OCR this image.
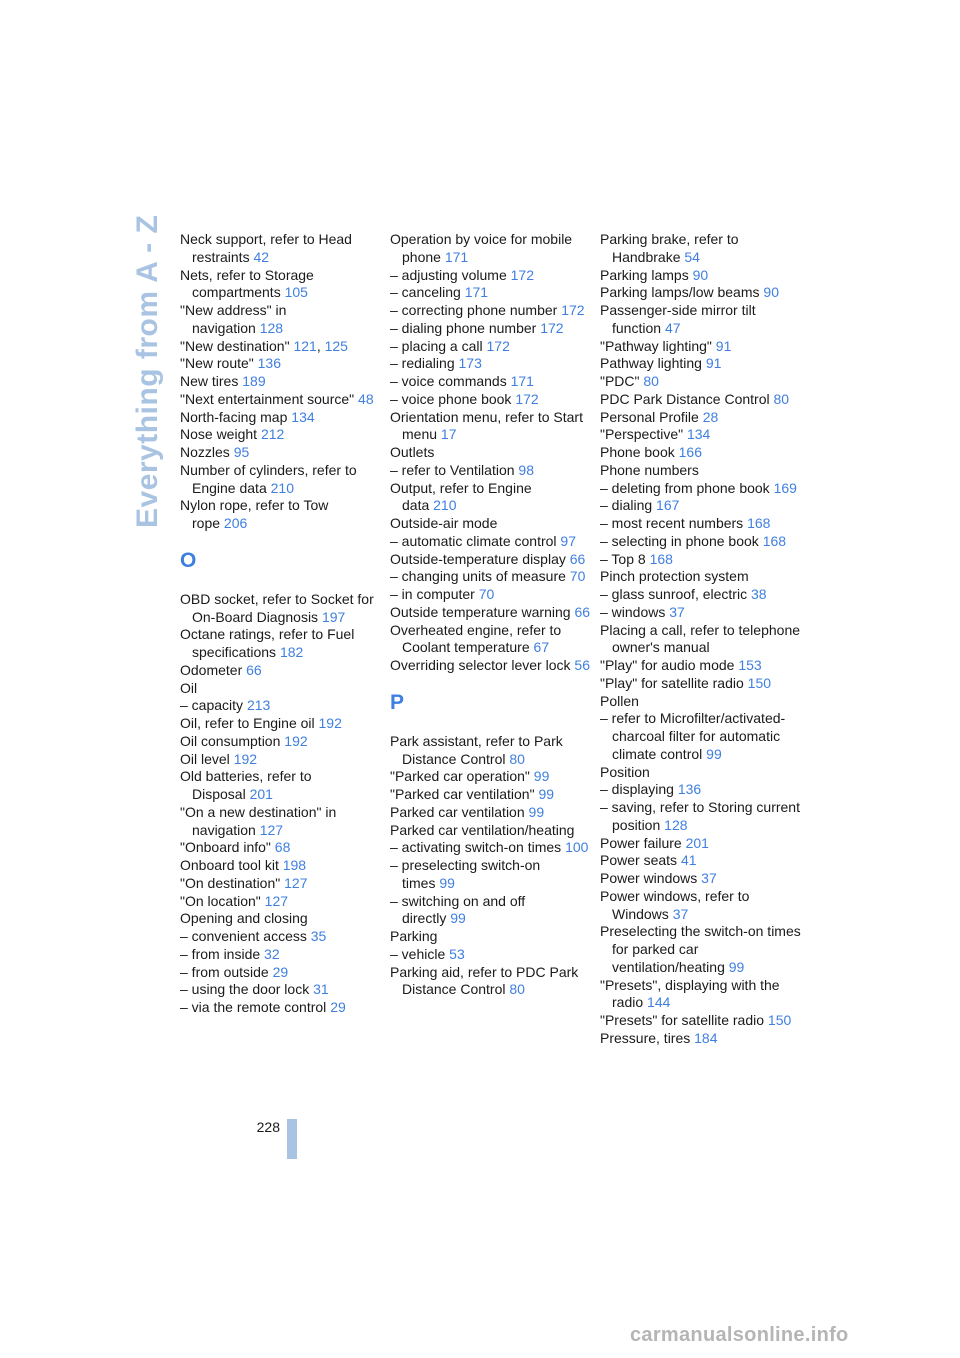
Everything from A - Z Neck support, refer to Head restraints 42
Nets, refer to Storage compartments 105
"New address" in navigation 128
"New destination" 121, 125
"New route" 136
New tires 189
"Next entertainment source" 48
North-facing map 134
Nose weight 212
Nozzles 95
Number of cylinders, refer to Engine data 210
Nylon rope, refer to Tow rope 206
O
OBD socket, refer to Socket for On-Board Diagnosis 197
Octane ratings, refer to Fuel specifications 182
Odometer 66
Oil
– capacity 213
Oil, refer to Engine oil 192
Oil consumption 192
Oil level 192
Old batteries, refer to Disposal 201
"On a new destination" in navigation 127
"Onboard info" 68
Onboard tool kit 198
"On destination" 127
"On location" 127
Opening and closing
– convenient access 35
– from inside 32
– from outside 29
– using the door lock 31
– via the remote control 29
Operation by voice for mobile phone 171
– adjusting volume 172
– canceling 171
– correcting phone number 172
– dialing phone number 172
– placing a call 172
– redialing 173
– voice commands 171
– voice phone book 172
Orientation menu, refer to Start menu 17
Outlets
– refer to Ventilation 98
Output, refer to Engine data 210
Outside-air mode
– automatic climate control 97
Outside-temperature display 66
– changing units of measure 70
– in computer 70
Outside temperature warning 66
Overheated engine, refer to Coolant temperature 67
Overriding selector lever lock 56
P
Park assistant, refer to Park Distance Control 80
"Parked car operation" 99
"Parked car ventilation" 99
Parked car ventilation 99
Parked car ventilation/heating
– activating switch-on times 100
– preselecting switch-on times 99
– switching on and off directly 99
Parking
– vehicle 53
Parking aid, refer to PDC Park Distance Control 80
Parking brake, refer to Handbrake 54
Parking lamps 90
Parking lamps/low beams 90
Passenger-side mirror tilt function 47
"Pathway lighting" 91
Pathway lighting 91
"PDC" 80
PDC Park Distance Control 80
Personal Profile 28
"Perspective" 134
Phone book 166
Phone numbers
– deleting from phone book 169
– dialing 167
– most recent numbers 168
– selecting in phone book 168
– Top 8 168
Pinch protection system
– glass sunroof, electric 38
– windows 37
Placing a call, refer to telephone owner's manual
"Play" for audio mode 153
"Play" for satellite radio 150
Pollen
– refer to Microfilter/activated-charcoal filter for automatic climate control 99
Position
– displaying 136
– saving, refer to Storing current position 128
Power failure 201
Power seats 41
Power windows 37
Power windows, refer to Windows 37
Preselecting the switch-on times for parked car ventilation/heating 99
"Presets", displaying with the radio 144
"Presets" for satellite radio 150
Pressure, tires 184
228
carmanualsonline.info
